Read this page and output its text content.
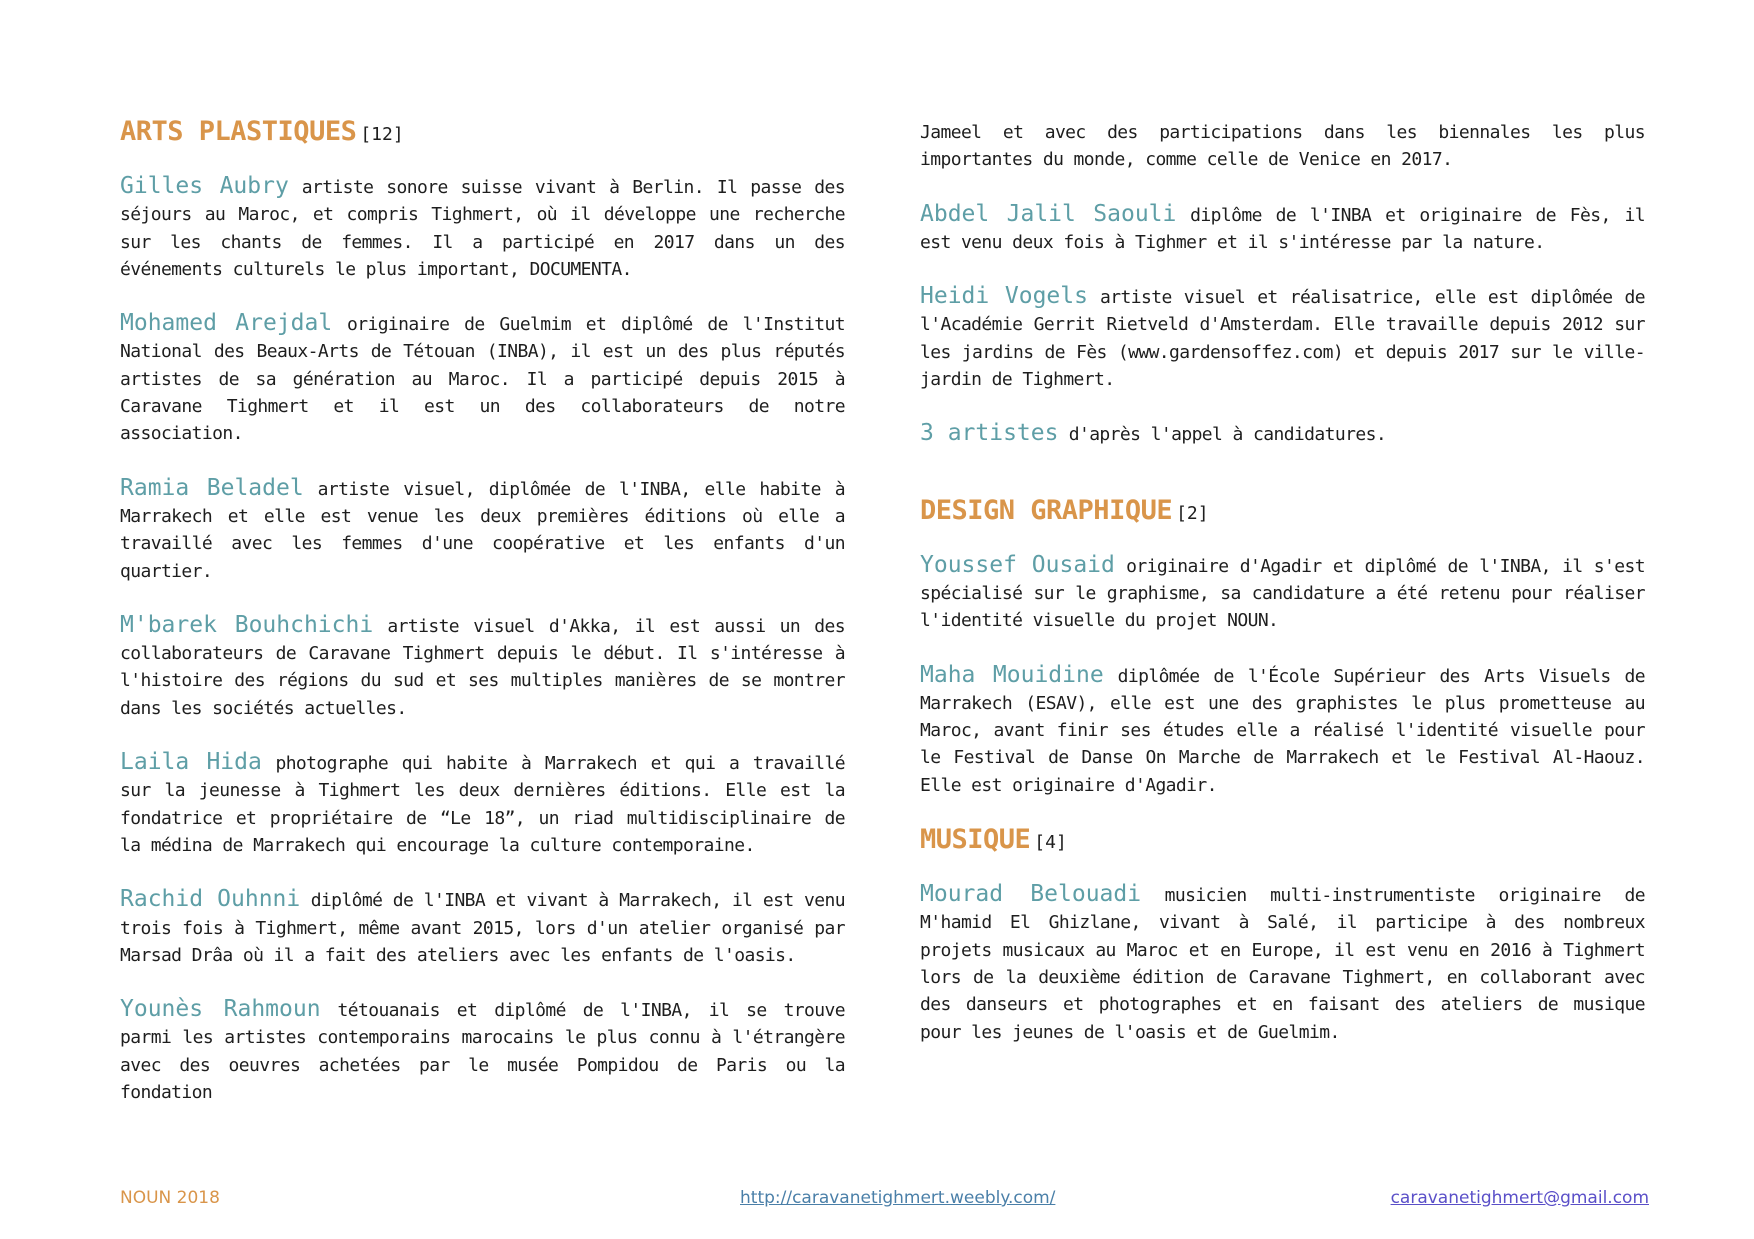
ARTS PLASTIQUES [12]

Gilles Aubry artiste sonore suisse vivant à Berlin. Il passe des séjours au Maroc, et compris Tighmert, où il développe une recherche sur les chants de femmes. Il a participé en 2017 dans un des événements culturels le plus important, DOCUMENTA.

Mohamed Arejdal originaire de Guelmim et diplômé de l'Institut National des Beaux-Arts de Tétouan (INBA), il est un des plus réputés artistes de sa génération au Maroc. Il a participé depuis 2015 à Caravane Tighmert et il est un des collaborateurs de notre association.

Ramia Beladel artiste visuel, diplômée de l'INBA, elle habite à Marrakech et elle est venue les deux premières éditions où elle a travaillé avec les femmes d'une coopérative et les enfants d'un quartier.

M'barek Bouhchichi artiste visuel d'Akka, il est aussi un des collaborateurs de Caravane Tighmert depuis le début. Il s'intéresse à l'histoire des régions du sud et ses multiples manières de se montrer dans les sociétés actuelles.

Laila Hida photographe qui habite à Marrakech et qui a travaillé sur la jeunesse à Tighmert les deux dernières éditions. Elle est la fondatrice et propriétaire de “Le 18”, un riad multidisciplinaire de la médina de Marrakech qui encourage la culture contemporaine.

Rachid Ouhnni diplômé de l'INBA et vivant à Marrakech, il est venu trois fois à Tighmert, même avant 2015, lors d'un atelier organisé par Marsad Drâa où il a fait des ateliers avec les enfants de l'oasis.

Younès Rahmoun tétouanais et diplômé de l'INBA, il se trouve parmi les artistes contemporains marocains le plus connu à l'étrangère avec des oeuvres achetées par le musée Pompidou de Paris ou la fondation

Jameel et avec des participations dans les biennales les plus importantes du monde, comme celle de Venice en 2017.

Abdel Jalil Saouli diplôme de l'INBA et originaire de Fès, il est venu deux fois à Tighmer et il s'intéresse par la nature.

Heidi Vogels artiste visuel et réalisatrice, elle est diplômée de l'Académie Gerrit Rietveld d'Amsterdam. Elle travaille depuis 2012 sur les jardins de Fès (www.gardensoffez.com) et depuis 2017 sur le ville-jardin de Tighmert.

3 artistes d'après l'appel à candidatures.

DESIGN GRAPHIQUE [2]

Youssef Ousaid originaire d'Agadir et diplômé de l'INBA, il s'est spécialisé sur le graphisme, sa candidature a été retenu pour réaliser l'identité visuelle du projet NOUN.

Maha Mouidine diplômée de l'École Supérieur des Arts Visuels de Marrakech (ESAV), elle est une des graphistes le plus prometteuse au Maroc, avant finir ses études elle a réalisé l'identité visuelle pour le Festival de Danse On Marche de Marrakech et le Festival Al-Haouz. Elle est originaire d'Agadir.

MUSIQUE [4]

Mourad Belouadi musicien multi-instrumentiste originaire de M'hamid El Ghizlane, vivant à Salé, il participe à des nombreux projets musicaux au Maroc et en Europe, il est venu en 2016 à Tighmert lors de la deuxième édition de Caravane Tighmert, en collaborant avec des danseurs et photographes et en faisant des ateliers de musique pour les jeunes de l'oasis et de Guelmim.

NOUN 2018	http://caravanetighmert.weebly.com/	caravanetighmert@gmail.com
